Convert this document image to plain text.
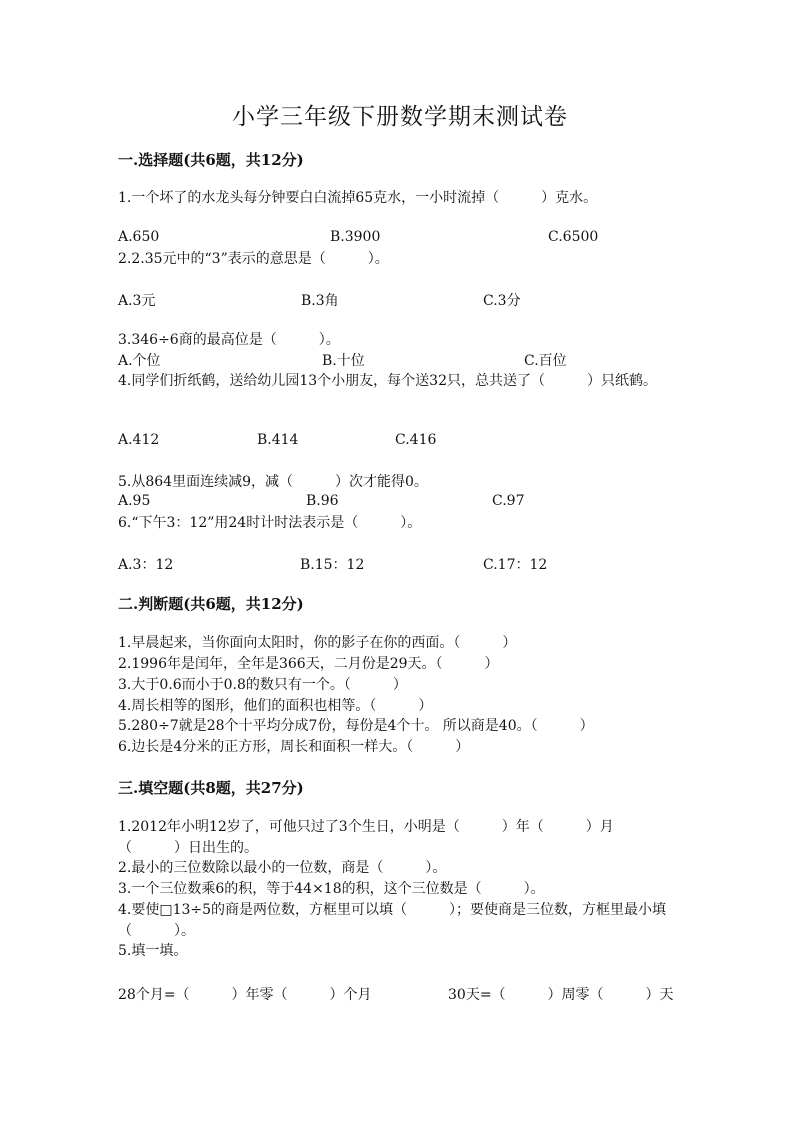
小学三年级下册数学期末测试卷
一.选择题(共6题，共12分)
1.一个坏了的水龙头每分钟要白白流掉65克水，一小时流掉（　　　）克水。
A.650	B.3900	C.6500
2.2.35元中的“3”表示的意思是（　　　）。
A.3元	B.3角	C.3分
3.346÷6商的最高位是（　　　）。
A.个位	B.十位	C.百位
4.同学们折纸鹤，送给幼儿园13个小朋友，每个送32只，总共送了（　　　）只纸鹤。
A.412	B.414	C.416
5.从864里面连续减9，减（　　　）次才能得0。
A.95	B.96	C.97
6.“下午3：12”用24时计时法表示是（　　　）。
A.3：12	B.15：12	C.17：12
二.判断题(共6题，共12分)
1.早晨起来，当你面向太阳时，你的影子在你的西面。（　　　）
2.1996年是闰年，全年是366天，二月份是29天。（　　　）
3.大于0.6而小于0.8的数只有一个。（　　　）
4.周长相等的图形，他们的面积也相等。（　　　）
5.280÷7就是28个十平均分成7份，每份是4个十。 所以商是40。（　　　）
6.边长是4分米的正方形，周长和面积一样大。（　　　）
三.填空题(共8题，共27分)
1.2012年小明12岁了，可他只过了3个生日，小明是（　　　）年（　　　）月（　　　）日出生的。
2.最小的三位数除以最小的一位数，商是（　　　）。
3.一个三位数乘6的积，等于44×18的积，这个三位数是（　　　）。
4.要使□13÷5的商是两位数，方框里可以填（　　　）；要使商是三位数，方框里最小填（　　　）。
5.填一填。
28个月=（　　　）年零（　　　）个月	30天=（　　　）周零（　　　）天
